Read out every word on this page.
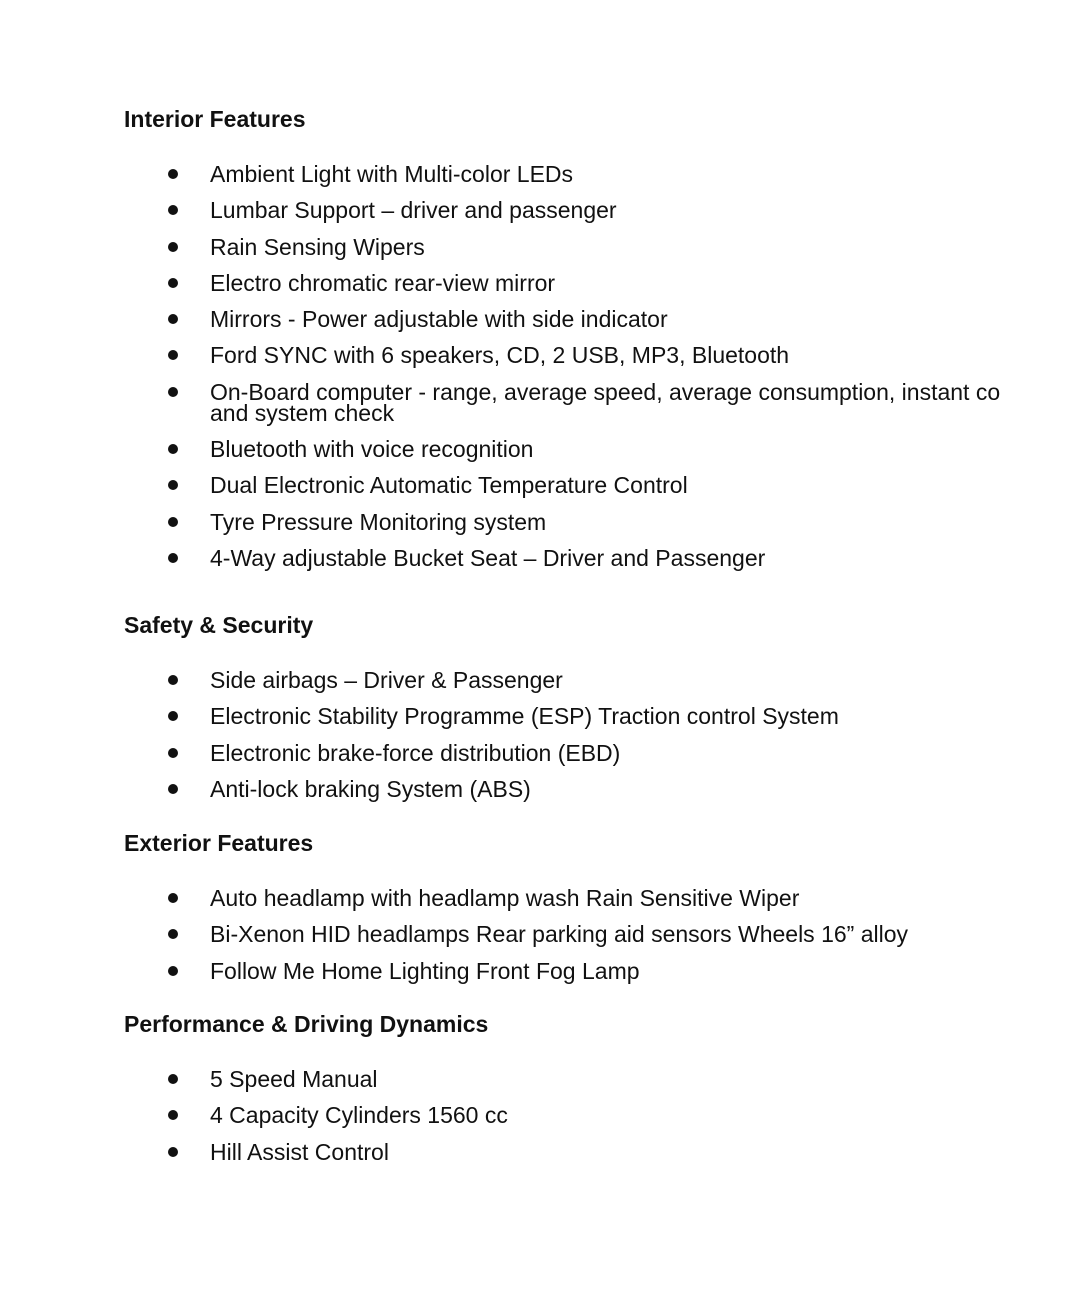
Interior Features
Ambient Light with Multi-color LEDs
Lumbar Support – driver and passenger
Rain Sensing Wipers
Electro chromatic rear-view mirror
Mirrors - Power adjustable with side indicator
Ford SYNC with 6 speakers, CD, 2 USB, MP3, Bluetooth
On-Board computer - range, average speed, average consumption, instant co
and system check
Bluetooth with voice recognition
Dual Electronic Automatic Temperature Control
Tyre Pressure Monitoring system
4-Way adjustable Bucket Seat – Driver and Passenger
Safety & Security
Side airbags – Driver & Passenger
Electronic Stability Programme (ESP) Traction control System
Electronic brake-force distribution (EBD)
Anti-lock braking System (ABS)
Exterior Features
Auto headlamp with headlamp wash Rain Sensitive Wiper
Bi-Xenon HID headlamps Rear parking aid sensors Wheels 16” alloy
Follow Me Home Lighting Front Fog Lamp
Performance & Driving Dynamics
5 Speed Manual
4 Capacity Cylinders 1560 cc
Hill Assist Control
